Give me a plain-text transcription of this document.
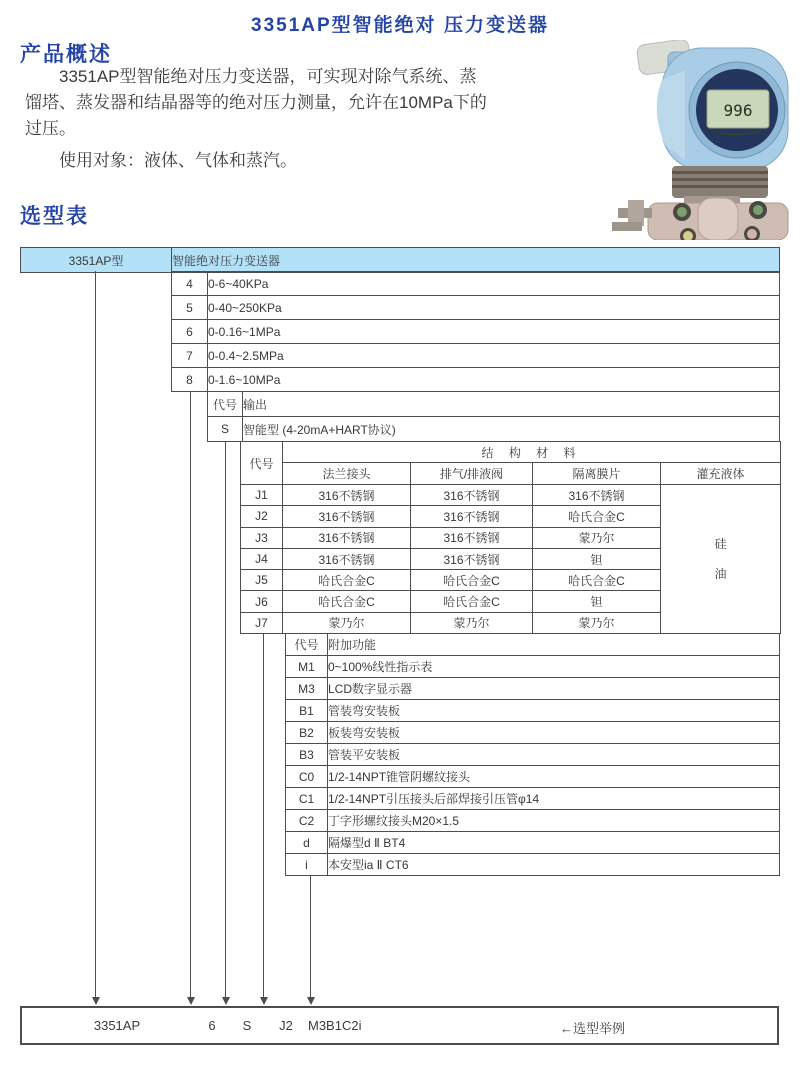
3351AP型智能绝对 压力变送器
产品概述
3351AP型智能绝对压力变送器，可实现对除气系统、蒸
馏塔、蒸发器和结晶器等的绝对压力测量，允许在10MPa下的
过压。
使用对象：液体、气体和蒸汽。
996
选型表
3351AP型	智能绝对压力变送器
4	0-6~40KPa
5	0-40~250KPa
6	0-0.16~1MPa
7	0-0.4~2.5MPa
8	0-1.6~10MPa
代号	输出
S	智能型 (4-20mA+HART协议)
代号	结 构 材 料			
	法兰接头	排气/排液阀	隔离膜片	灌充液体
J1	316不锈钢	316不锈钢	316不锈钢	硅
油
J2	316不锈钢	316不锈钢	哈氏合金C	
J3	316不锈钢	316不锈钢	蒙乃尔	
J4	316不锈钢	316不锈钢	钽	
J5	哈氏合金C	哈氏合金C	哈氏合金C	
J6	哈氏合金C	哈氏合金C	钽	
J7	蒙乃尔	蒙乃尔	蒙乃尔	
代号	附加功能
M1	0~100%线性指示表
M3	LCD数字显示器
B1	管装弯安装板
B2	板装弯安装板
B3	管装平安装板
C0	1/2-14NPT锥管阴螺纹接头
C1	1/2-14NPT引压接头后部焊接引压管φ14
C2	丁字形螺纹接头M20×1.5
d	隔爆型d Ⅱ BT4
i	本安型ia Ⅱ CT6
3351AP	6	S	J2	M3B1C2i	←选型举例
